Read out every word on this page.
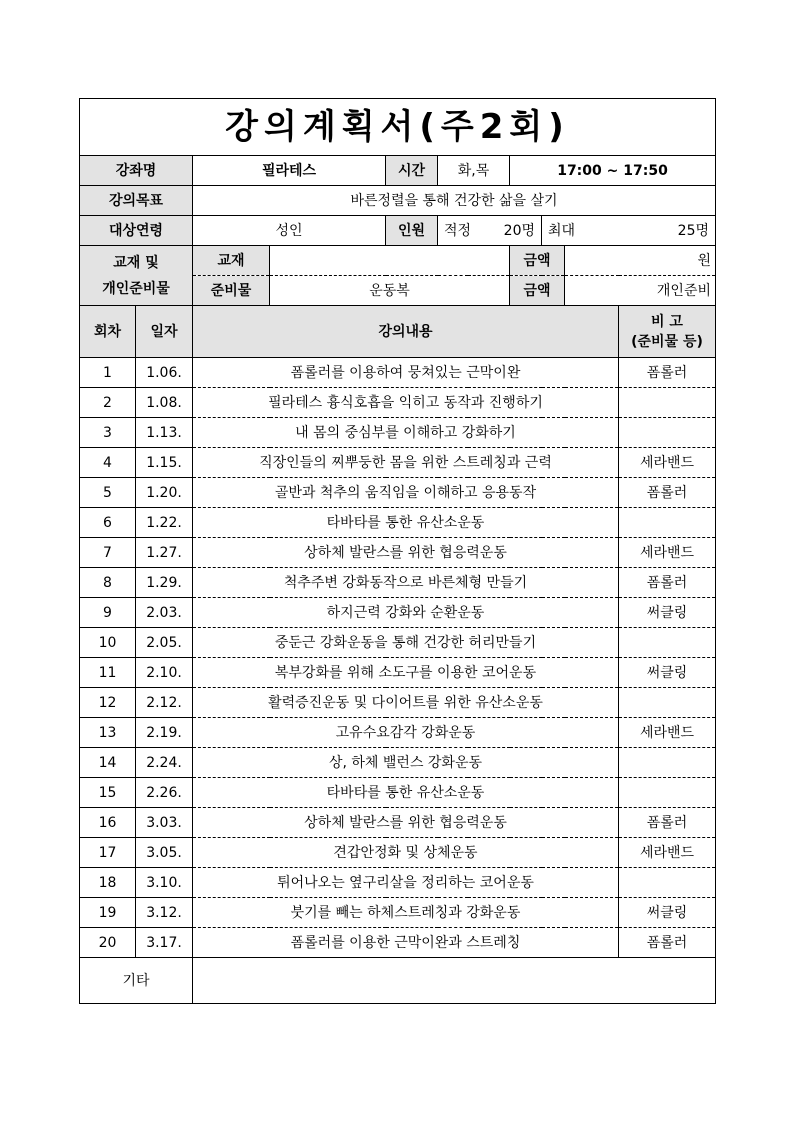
강의계획서(주2회)									
강좌명		필라테스		시간	화,목	17:00 ~ 17:50			
강의목표		바른정렬을 통해 건강한 삶을 살기							
대상연령		성인		인원	적정 20명		최대 25명		

교재 및
개인준비물		교재				금액		원	
		준비물	운동복			금액		개인준비	
회차	일자	강의내용							비 고
(준비물 등)

1	1.06.	폼롤러를 이용하여 뭉쳐있는 근막이완							폼롤러
2	1.08.	필라테스 흉식호흡을 익히고 동작과 진행하기							
3	1.13.	내 몸의 중심부를 이해하고 강화하기							
4	1.15.	직장인들의 찌뿌둥한 몸을 위한 스트레칭과 근력							세라밴드
5	1.20.	골반과 척추의 움직임을 이해하고 응용동작							폼롤러
6	1.22.	타바타를 통한 유산소운동							
7	1.27.	상하체 발란스를 위한 협응력운동							세라밴드
8	1.29.	척추주변 강화동작으로 바른체형 만들기							폼롤러
9	2.03.	하지근력 강화와 순환운동							써클링
10	2.05.	중둔근 강화운동을 통해 건강한 허리만들기							
11	2.10.	복부강화를 위해 소도구를 이용한 코어운동							써클링
12	2.12.	활력증진운동 및 다이어트를 위한 유산소운동							
13	2.19.	고유수요감각 강화운동							세라밴드
14	2.24.	상, 하체 밸런스 강화운동							
15	2.26.	타바타를 통한 유산소운동							
16	3.03.	상하체 발란스를 위한 협응력운동							폼롤러
17	3.05.	견갑안정화 및 상체운동							세라밴드
18	3.10.	튀어나오는 옆구리살을 정리하는 코어운동							
19	3.12.	붓기를 빼는 하체스트레칭과 강화운동							써클링
20	3.17.	폼롤러를 이용한 근막이완과 스트레칭							폼롤러
기타									
